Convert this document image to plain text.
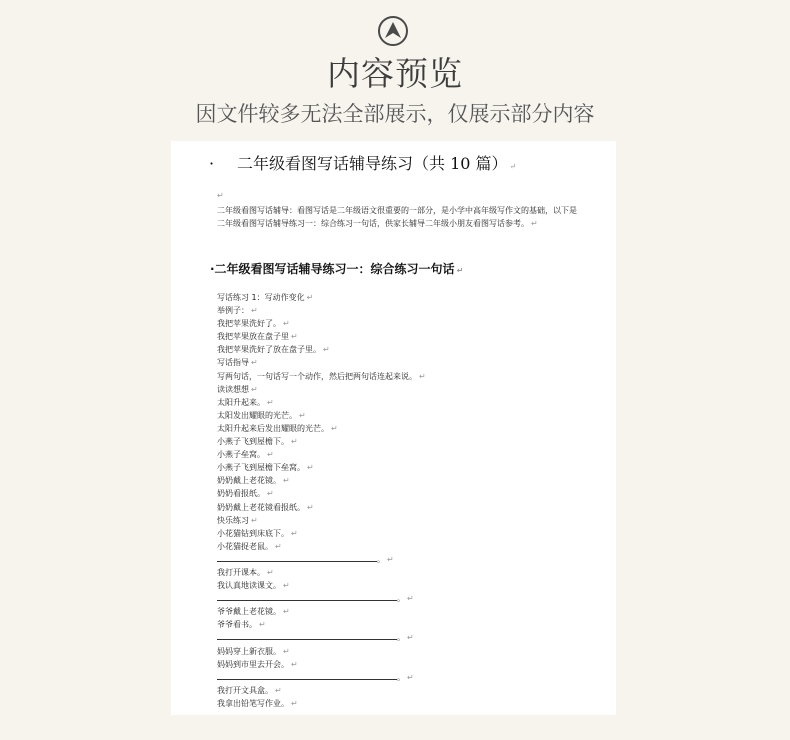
内容预览
因文件较多无法全部展示，仅展示部分内容
· 二年级看图写话辅导练习（共 10 篇） ↵
↵
二年级看图写话辅导：看图写话是二年级语文很重要的一部分，是小学中高年级写作文的基础，以下是二年级看图写话辅导练习一：综合练习一句话，供家长辅导二年级小朋友看图写话参考。 ↵
·二年级看图写话辅导练习一：综合练习一句话 ↵
写话练习 1：写动作变化 ↵
举例子： ↵
我把苹果洗好了。 ↵
我把苹果放在盘子里 ↵
我把苹果洗好了放在盘子里。 ↵
写话指导 ↵
写两句话，一句话写一个动作，然后把两句话连起来说。 ↵
读读想想 ↵
太阳升起来。 ↵
太阳发出耀眼的光芒。 ↵
太阳升起来后发出耀眼的光芒。 ↵
小燕子飞到屋檐下。 ↵
小燕子垒窝。 ↵
小燕子飞到屋檐下垒窝。 ↵
奶奶戴上老花镜。 ↵
奶奶看报纸。 ↵
奶奶戴上老花镜看报纸。 ↵
快乐练习 ↵
小花猫钻到床底下。 ↵
小花猫捉老鼠。 ↵
。 ↵
我打开课本。 ↵
我认真地读课文。 ↵
。 ↵
爷爷戴上老花镜。 ↵
爷爷看书。 ↵
。 ↵
妈妈穿上新衣服。 ↵
妈妈到市里去开会。 ↵
。 ↵
我打开文具盒。 ↵
我拿出铅笔写作业。 ↵
